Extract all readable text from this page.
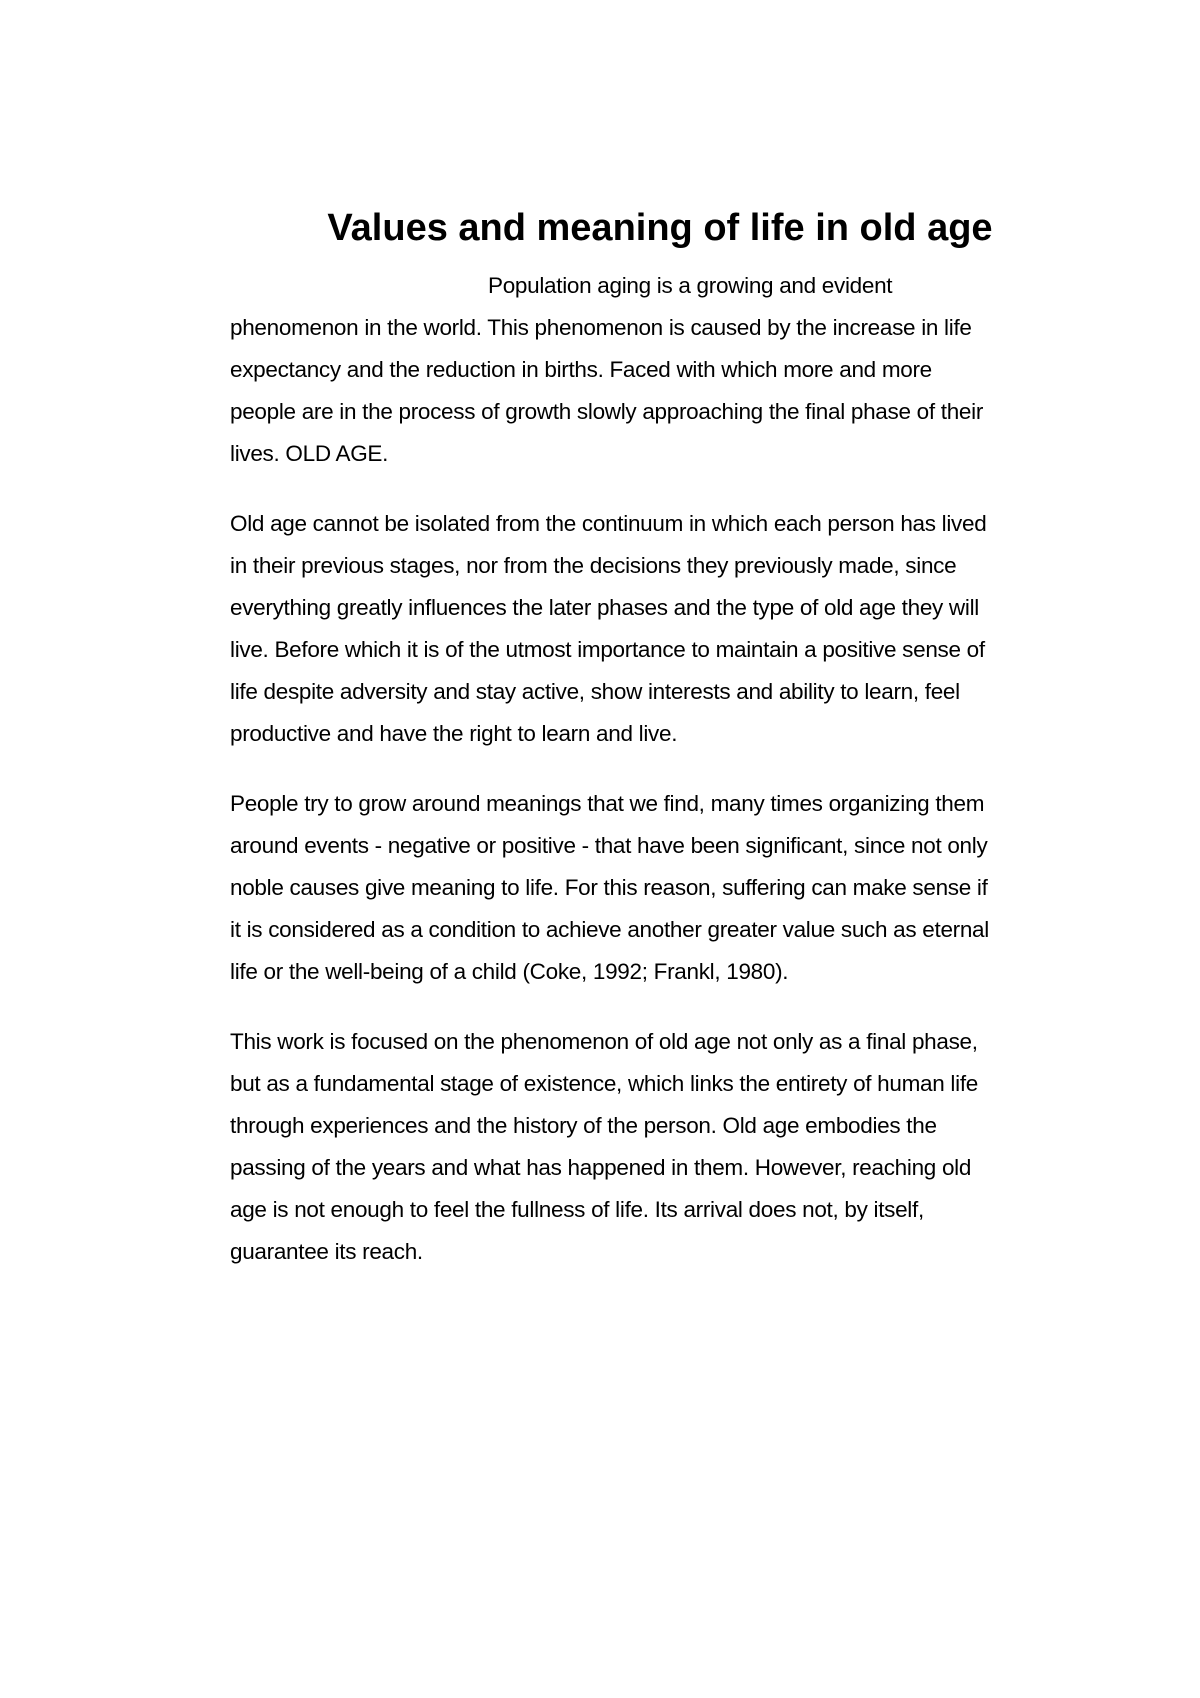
Values and meaning of life in old age

Population aging is a growing and evident
phenomenon in the world. This phenomenon is caused by the increase in life
expectancy and the reduction in births. Faced with which more and more
people are in the process of growth slowly approaching the final phase of their
lives. OLD AGE.

Old age cannot be isolated from the continuum in which each person has lived
in their previous stages, nor from the decisions they previously made, since
everything greatly influences the later phases and the type of old age they will
live. Before which it is of the utmost importance to maintain a positive sense of
life despite adversity and stay active, show interests and ability to learn, feel
productive and have the right to learn and live.

People try to grow around meanings that we find, many times organizing them
around events - negative or positive - that have been significant, since not only
noble causes give meaning to life. For this reason, suffering can make sense if
it is considered as a condition to achieve another greater value such as eternal
life or the well-being of a child (Coke, 1992; Frankl, 1980).

This work is focused on the phenomenon of old age not only as a final phase,
but as a fundamental stage of existence, which links the entirety of human life
through experiences and the history of the person. Old age embodies the
passing of the years and what has happened in them. However, reaching old
age is not enough to feel the fullness of life. Its arrival does not, by itself,
guarantee its reach.
